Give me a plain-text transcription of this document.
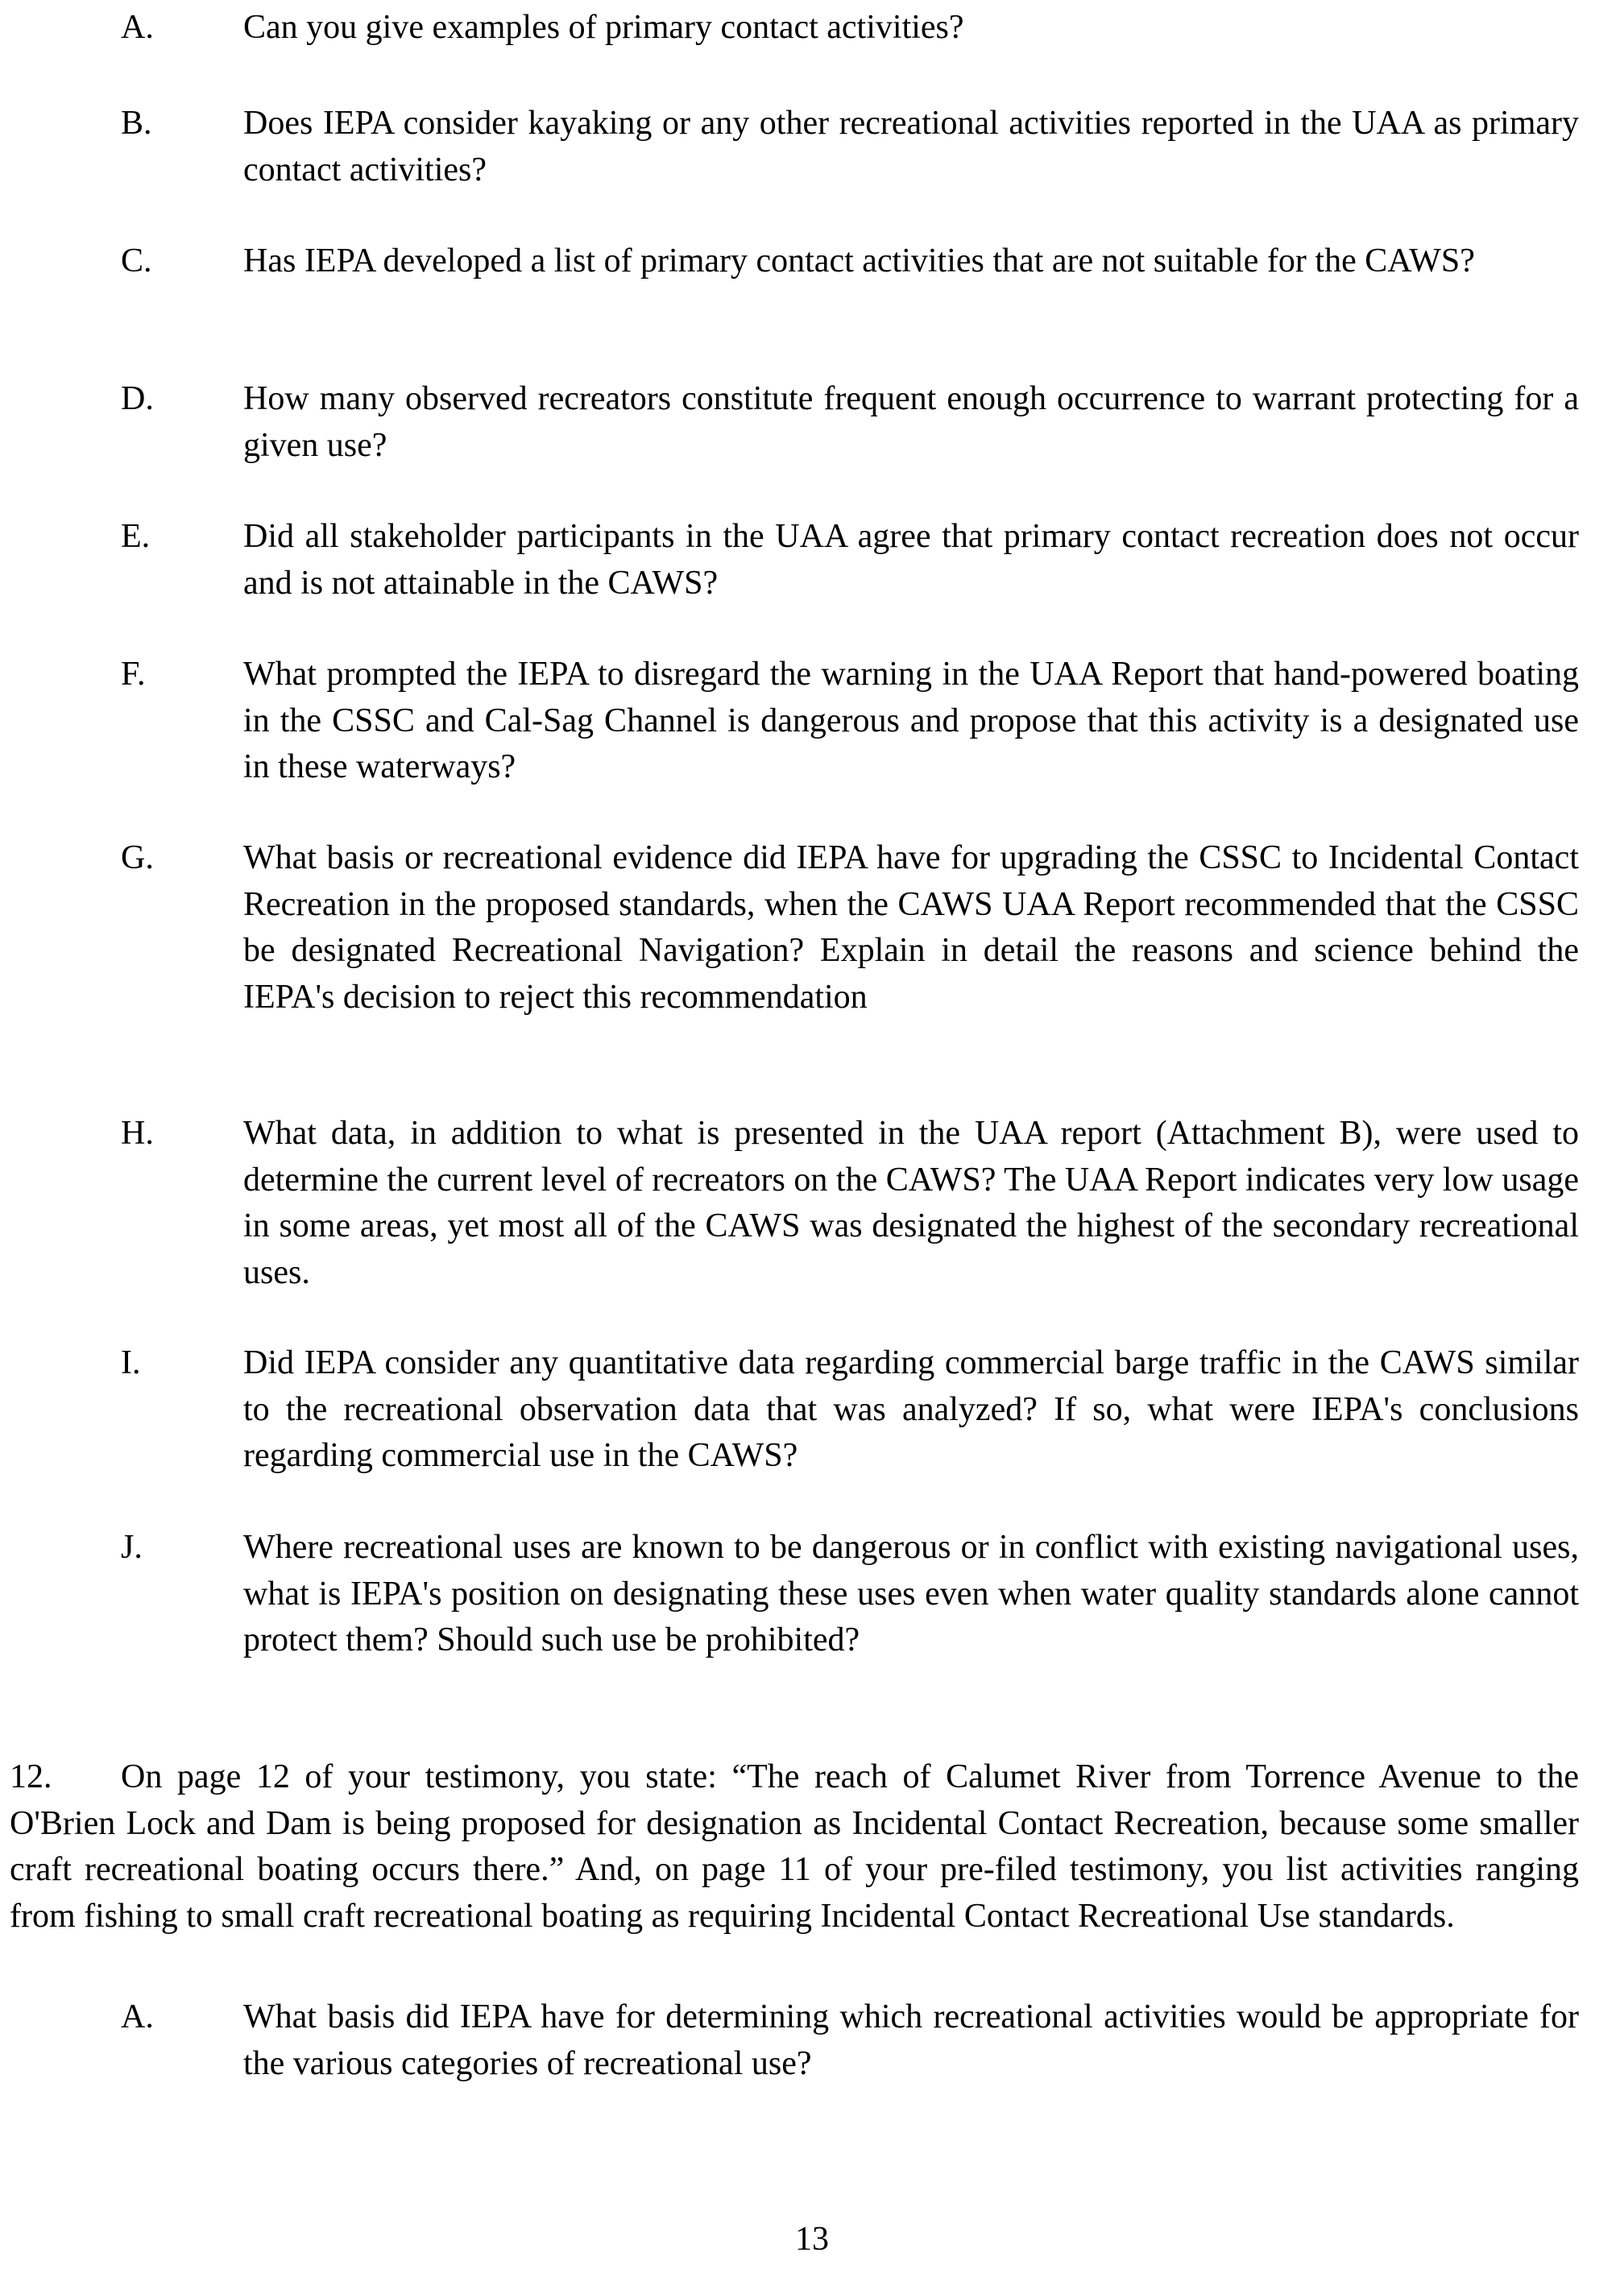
A.	Can you give examples of primary contact activities?
B.	Does IEPA consider kayaking or any other recreational activities reported in the UAA as primary contact activities?
C.	Has IEPA developed a list of primary contact activities that are not suitable for the CAWS?
D.	How many observed recreators constitute frequent enough occurrence to warrant protecting for a given use?
E.	Did all stakeholder participants in the UAA agree that primary contact recreation does not occur and is not attainable in the CAWS?
F.	What prompted the IEPA to disregard the warning in the UAA Report that hand-powered boating in the CSSC and Cal-Sag Channel is dangerous and propose that this activity is a designated use in these waterways?
G.	What basis or recreational evidence did IEPA have for upgrading the CSSC to Incidental Contact Recreation in the proposed standards, when the CAWS UAA Report recommended that the CSSC be designated Recreational Navigation? Explain in detail the reasons and science behind the IEPA's decision to reject this recommendation
H.	What data, in addition to what is presented in the UAA report (Attachment B), were used to determine the current level of recreators on the CAWS? The UAA Report indicates very low usage in some areas, yet most all of the CAWS was designated the highest of the secondary recreational uses.
I.	Did IEPA consider any quantitative data regarding commercial barge traffic in the CAWS similar to the recreational observation data that was analyzed? If so, what were IEPA's conclusions regarding commercial use in the CAWS?
J.	Where recreational uses are known to be dangerous or in conflict with existing navigational uses, what is IEPA's position on designating these uses even when water quality standards alone cannot protect them? Should such use be prohibited?
12. On page 12 of your testimony, you state: “The reach of Calumet River from Torrence Avenue to the O'Brien Lock and Dam is being proposed for designation as Incidental Contact Recreation, because some smaller craft recreational boating occurs there.” And, on page 11 of your pre-filed testimony, you list activities ranging from fishing to small craft recreational boating as requiring Incidental Contact Recreational Use standards.
A.	What basis did IEPA have for determining which recreational activities would be appropriate for the various categories of recreational use?
13
